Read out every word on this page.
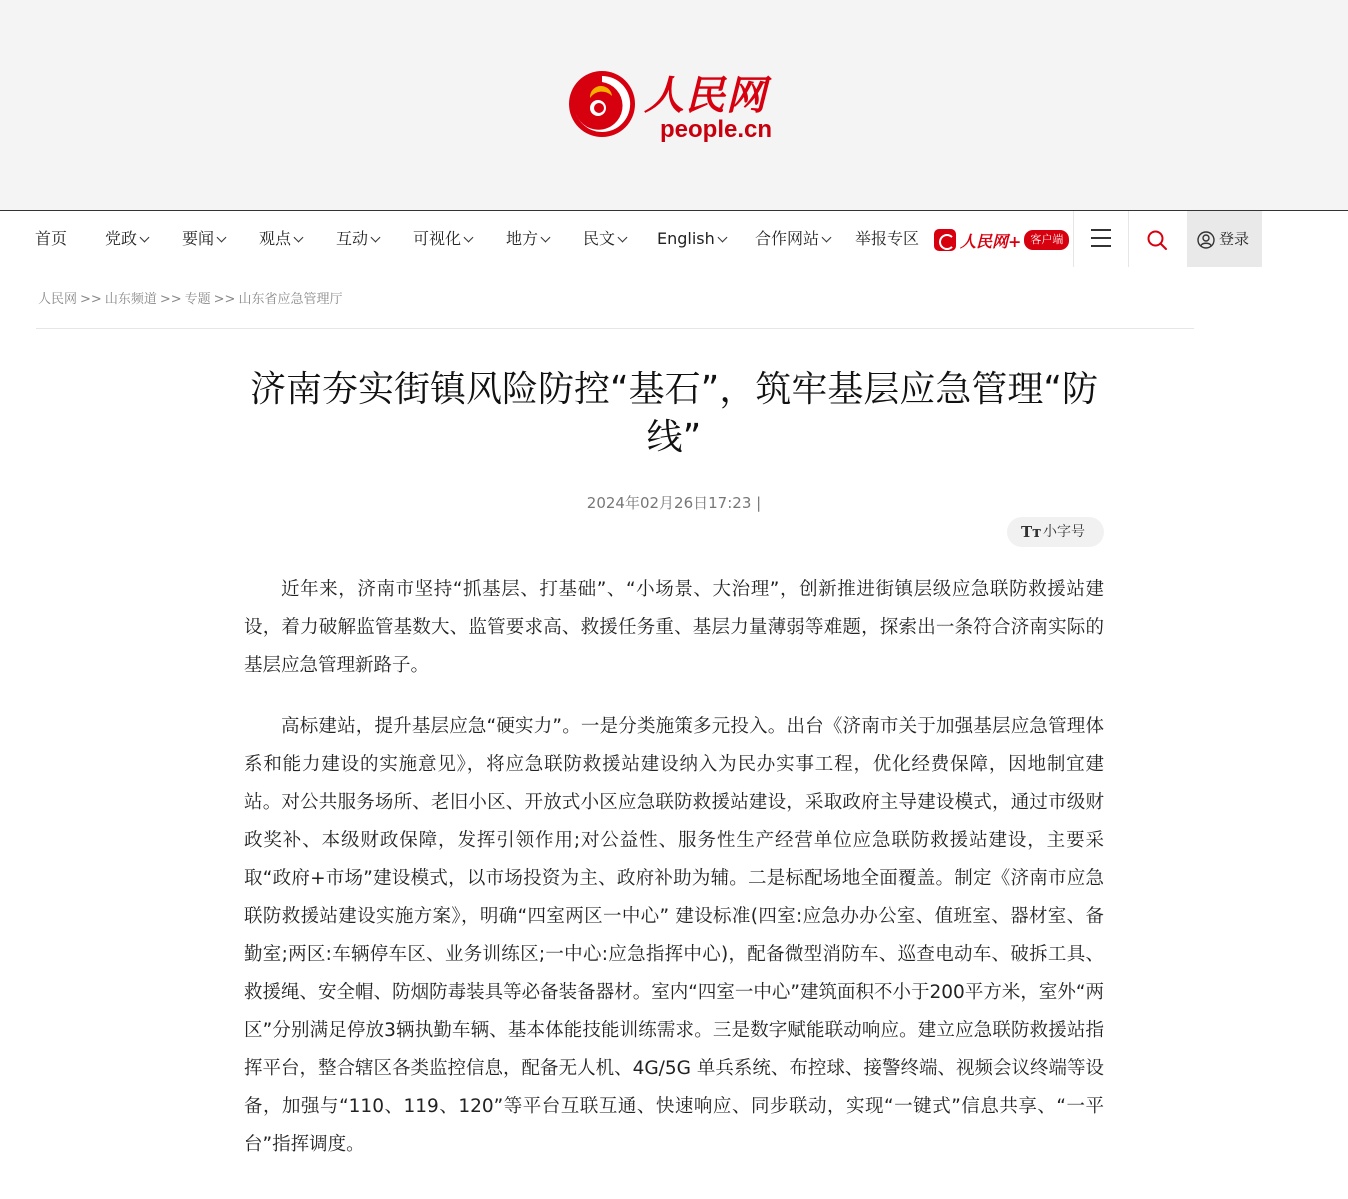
人民网
people.cn
首页 党政	要闻	观点	互动	可视化	地方	民文	English	合作网站	举报专区	人民网+ 客户端	登录
人民网 >> 山东频道 >> 专题 >> 山东省应急管理厅
济南夯实街镇风险防控“基石”，筑牢基层应急管理“防线”
2024年02月26日17:23 |
Tт 小字号

近年来，济南市坚持“抓基层、打基础”、“小场景、大治理”，创新推进街镇层级应急联防救援站建设，着力破解监管基数大、监管要求高、救援任务重、基层力量薄弱等难题，探索出一条符合济南实际的基层应急管理新路子。

高标建站，提升基层应急“硬实力”。一是分类施策多元投入。出台《济南市关于加强基层应急管理体系和能力建设的实施意见》，将应急联防救援站建设纳入为民办实事工程，优化经费保障，因地制宜建站。对公共服务场所、老旧小区、开放式小区应急联防救援站建设，采取政府主导建设模式，通过市级财政奖补、本级财政保障，发挥引领作用;对公益性、服务性生产经营单位应急联防救援站建设，主要采取“政府+市场”建设模式，以市场投资为主、政府补助为辅。二是标配场地全面覆盖。制定《济南市应急联防救援站建设实施方案》，明确“四室两区一中心” 建设标准(四室:应急办办公室、值班室、器材室、备勤室;两区:车辆停车区、业务训练区;一中心:应急指挥中心)，配备微型消防车、巡查电动车、破拆工具、救援绳、安全帽、防烟防毒装具等必备装备器材。室内“四室一中心”建筑面积不小于200平方米，室外“两区”分别满足停放3辆执勤车辆、基本体能技能训练需求。三是数字赋能联动响应。建立应急联防救援站指挥平台，整合辖区各类监控信息，配备无人机、4G/5G 单兵系统、布控球、接警终端、视频会议终端等设备，加强与“110、119、120”等平台互联互通、快速响应、同步联动，实现“一键式”信息共享、“一平台”指挥调度。
